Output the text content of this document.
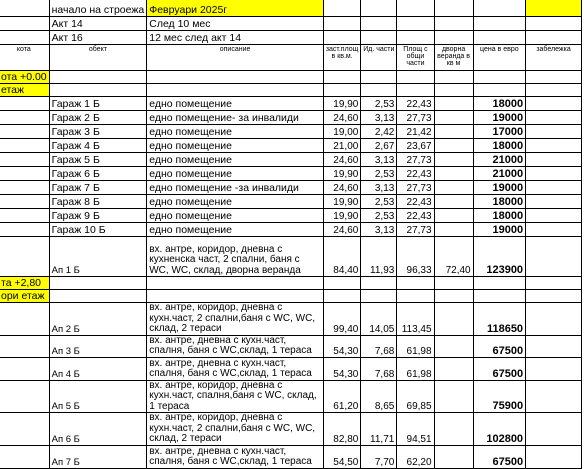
	начало на строежа	Февруари 2025г						
	Акт 14	След 10 мес						
	Акт 16	12 мес след акт 14						
кота	обект	описание	заст.площ в кв.м.	Ид. части	Площ с общи части	дворна веранда в кв м	цена в евро	забележка
ота +0.00								
етаж								
	Гараж 1 Б	едно помещение	19,90	2,53	22,43		18000	
	Гараж 2 Б	едно помещение- за инвалиди	24,60	3,13	27,73		19000	
	Гараж 3 Б	едно помещение	19,00	2,42	21,42		17000	
	Гараж 4 Б	едно помещение	21,00	2,67	23,67		18000	
	Гараж 5 Б	едно помещение	24,60	3,13	27,73		21000	
	Гараж 6 Б	едно помещение	19,90	2,53	22,43		21000	
	Гараж 7 Б	едно помещение -за инвалиди	24,60	3,13	27,73		19000	
	Гараж 8 Б	едно помещение	19,90	2,53	22,43		18000	
	Гараж 9 Б	едно помещение	19,90	2,53	22,43		18000	
	Гараж 10 Б	едно помещение	24,60	3,13	27,73		19000	
	Ап 1 Б	вх. антре, коридор, дневна с кухненска част, 2 спални, баня с WC, WC, склад, дворна веранда	84,40	11,93	96,33	72,40	123900	
та +2,80								
ори етаж								
	Ап 2 Б	вх. антре, коридор, дневна с кухн.част, 2 спални,баня с WC, WC, склад, 2 тераси	99,40	14,05	113,45		118650	
	Ап 3 Б	вх. антре, дневна с кухн.част, спалня, баня с WC,склад, 1 тераса	54,30	7,68	61,98		67500	
	Ап 4 Б	вх. антре, дневна с кухн.част, спалня, баня с WC,склад, 1 тераса	54,30	7,68	61,98		67500	
	Ап 5 Б	вх. антре, коридор, дневна с кухн.част, спалня,баня с WC, склад, 1 тераса	61,20	8,65	69,85		75900	
	Ап 6 Б	вх. антре, коридор, дневна с кухн.част, 2 спални,баня с WC, WC, склад, 2 тераси	82,80	11,71	94,51		102800	
	Ап 7 Б	вх. антре, дневна с кухн.част, спалня, баня с WC,склад, 1 тераса	54,50	7,70	62,20		67500	
